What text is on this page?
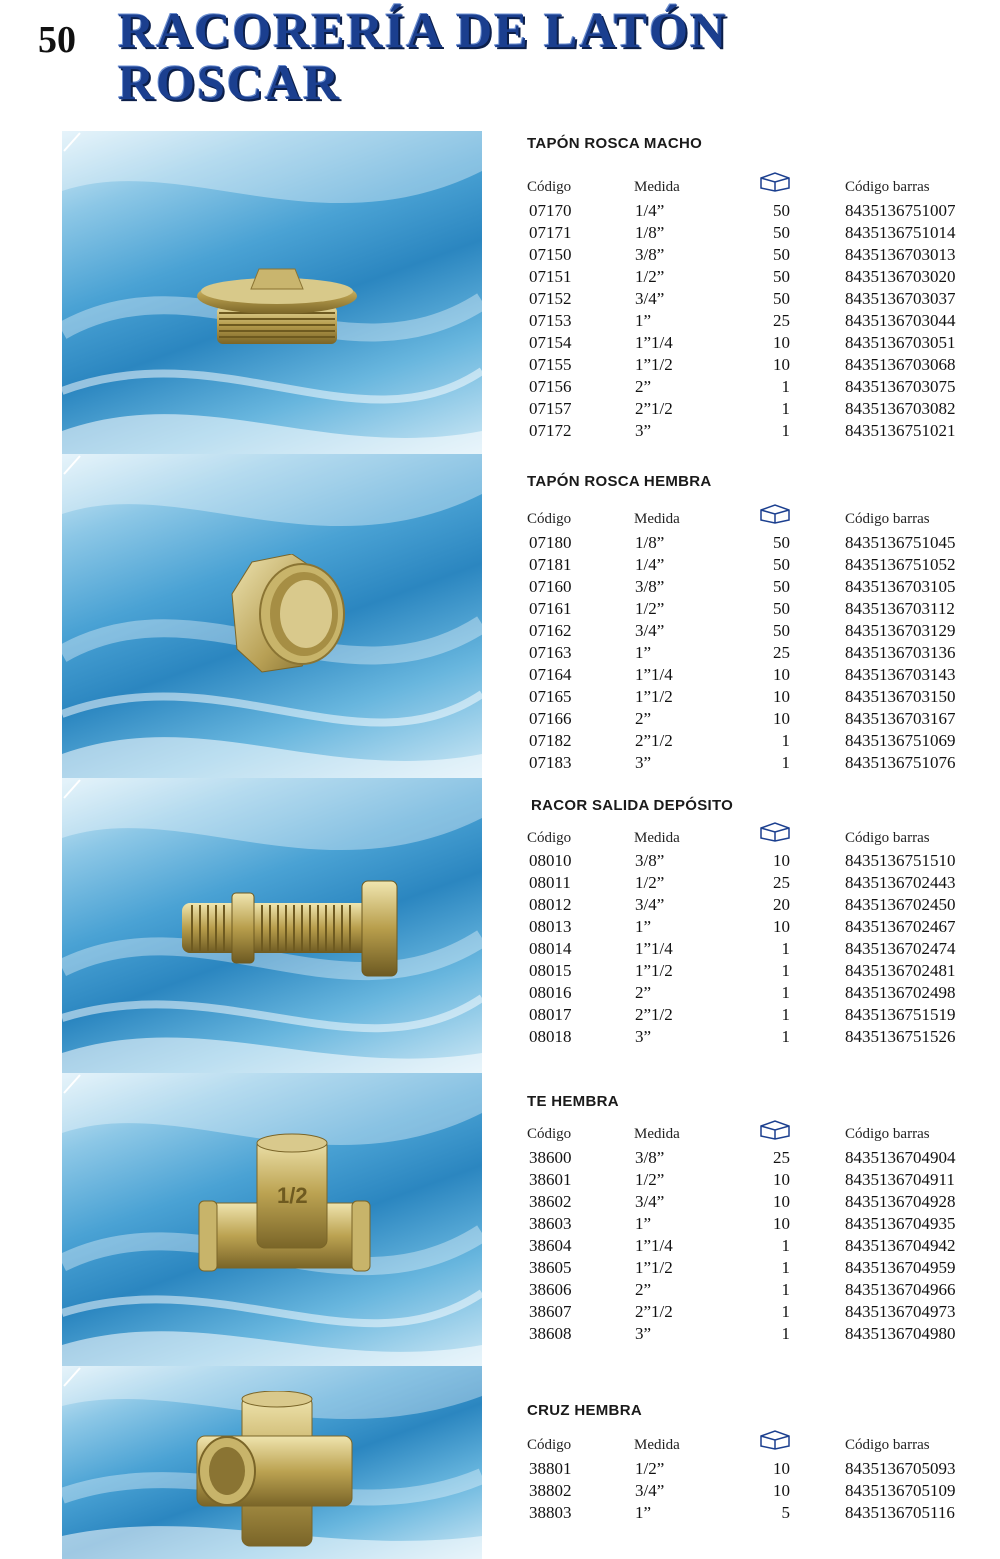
50 RACORERÍA DE LATÓN
ROSCAR
TAPÓN ROSCA MACHO
Código	Medida	Código barras
07170	1/4”	50	8435136751007
07171	1/8”	50	8435136751014
07150	3/8”	50	8435136703013
07151	1/2”	50	8435136703020
07152	3/4”	50	8435136703037
07153	1”	25	8435136703044
07154	1”1/4	10	8435136703051
07155	1”1/2	10	8435136703068
07156	2”	1	8435136703075
07157	2”1/2	1	8435136703082
07172	3”	1	8435136751021
TAPÓN ROSCA HEMBRA
Código	Medida	Código barras
07180	1/8”	50	8435136751045
07181	1/4”	50	8435136751052
07160	3/8”	50	8435136703105
07161	1/2”	50	8435136703112
07162	3/4”	50	8435136703129
07163	1”	25	8435136703136
07164	1”1/4	10	8435136703143
07165	1”1/2	10	8435136703150
07166	2”	10	8435136703167
07182	2”1/2	1	8435136751069
07183	3”	1	8435136751076
RACOR SALIDA DEPÓSITO
Código	Medida	Código barras
08010	3/8”	10	8435136751510
08011	1/2”	25	8435136702443
08012	3/4”	20	8435136702450
08013	1”	10	8435136702467
08014	1”1/4	1	8435136702474
08015	1”1/2	1	8435136702481
08016	2”	1	8435136702498
08017	2”1/2	1	8435136751519
08018	3”	1	8435136751526
1/2
TE HEMBRA
Código	Medida	Código barras
38600	3/8”	25	8435136704904
38601	1/2”	10	8435136704911
38602	3/4”	10	8435136704928
38603	1”	10	8435136704935
38604	1”1/4	1	8435136704942
38605	1”1/2	1	8435136704959
38606	2”	1	8435136704966
38607	2”1/2	1	8435136704973
38608	3”	1	8435136704980
CRUZ HEMBRA
Código	Medida	Código barras
38801	1/2”	10	8435136705093
38802	3/4”	10	8435136705109
38803	1”	5	8435136705116
